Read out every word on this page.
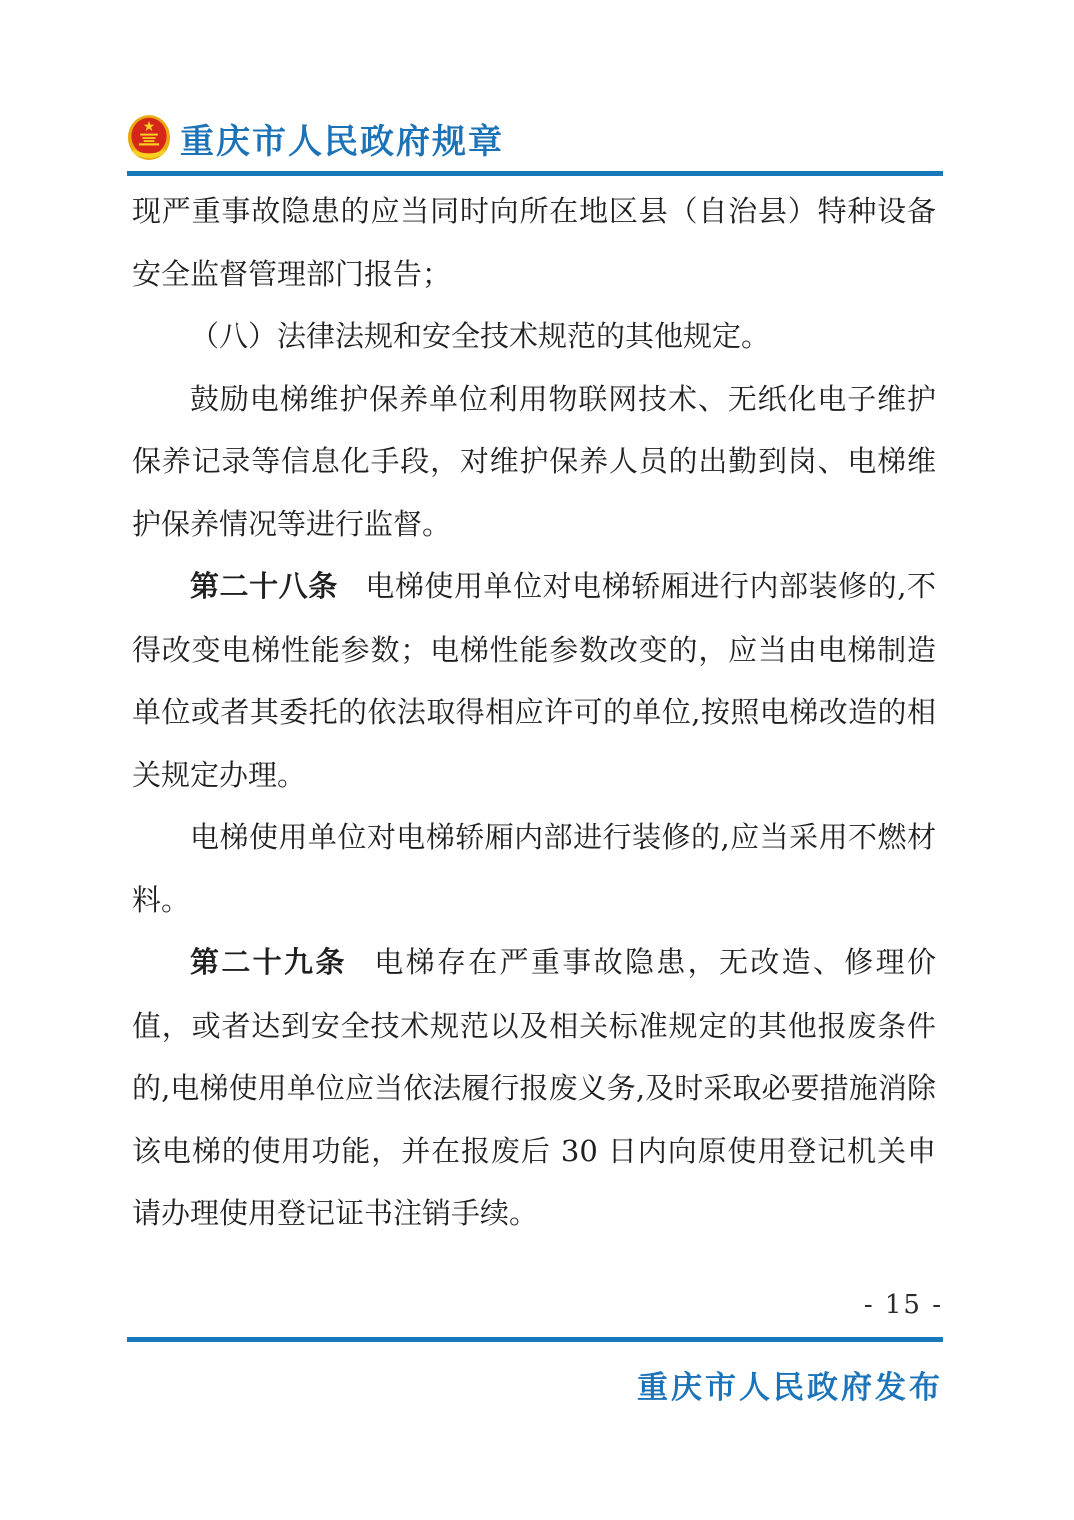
重庆市人民政府规章

现严重事故隐患的应当同时向所在地区县（自治县）特种设备安全监督管理部门报告；

（八）法律法规和安全技术规范的其他规定。

鼓励电梯维护保养单位利用物联网技术、无纸化电子维护保养记录等信息化手段，对维护保养人员的出勤到岗、电梯维护保养情况等进行监督。

第二十八条 电梯使用单位对电梯轿厢进行内部装修的,不得改变电梯性能参数；电梯性能参数改变的，应当由电梯制造单位或者其委托的依法取得相应许可的单位,按照电梯改造的相关规定办理。

电梯使用单位对电梯轿厢内部进行装修的,应当采用不燃材料。

第二十九条 电梯存在严重事故隐患，无改造、修理价值，或者达到安全技术规范以及相关标准规定的其他报废条件的,电梯使用单位应当依法履行报废义务,及时采取必要措施消除该电梯的使用功能，并在报废后 30 日内向原使用登记机关申请办理使用登记证书注销手续。

- 15 -
重庆市人民政府发布
